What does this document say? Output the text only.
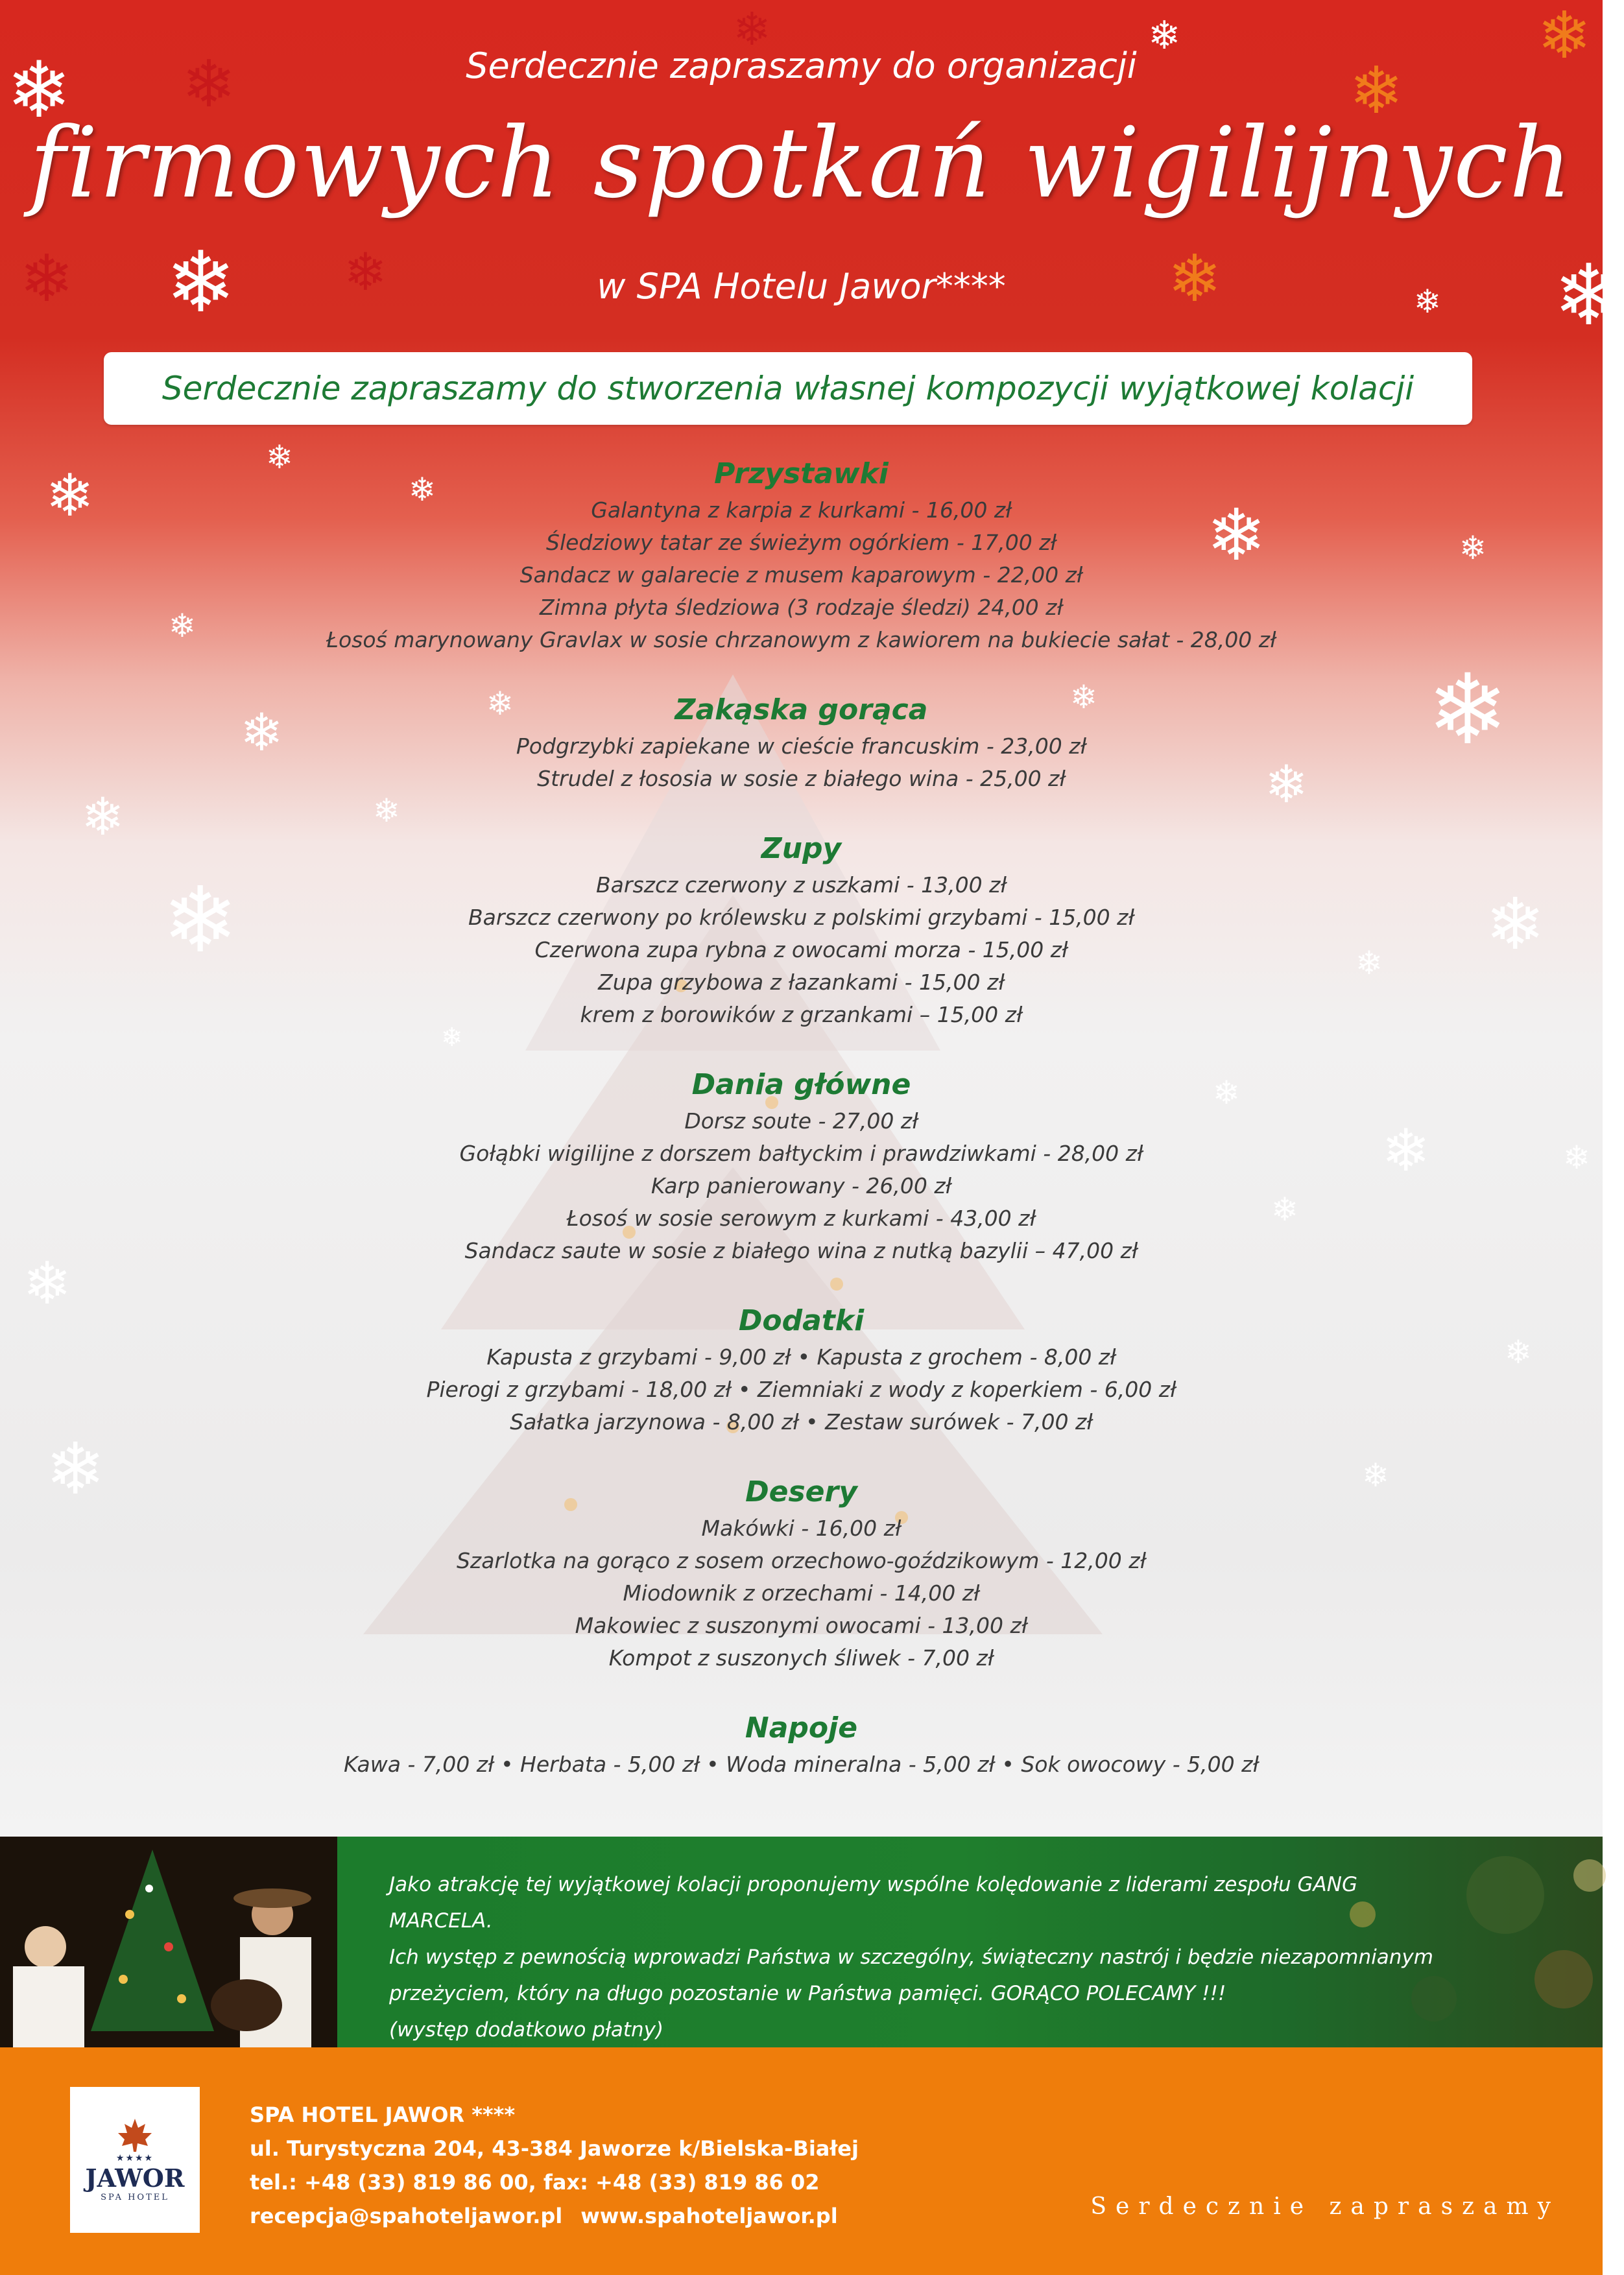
❄ ❄
❄	❄
❄
❄
❄ ❄ ❄	❄	❄ ❄
❄
❄
❄
❄	❄
❄
❄
❄	❄
❄
❄
❄	❄
❄	❄
❄
❄
❄
❄	❄
❄
❄
❄
❄	❄
Serdecznie zapraszamy do organizacji
firmowych spotkań wigilijnych
w SPA Hotelu Jawor****
Serdecznie zapraszamy do stworzenia własnej kompozycji wyjątkowej kolacji
Przystawki
Galantyna z karpia z kurkami - 16,00 zł
Śledziowy tatar ze świeżym ogórkiem - 17,00 zł
Sandacz w galarecie z musem kaparowym - 22,00 zł
Zimna płyta śledziowa (3 rodzaje śledzi) 24,00 zł
Łosoś marynowany Gravlax w sosie chrzanowym z kawiorem na bukiecie sałat - 28,00 zł
Zakąska gorąca
Podgrzybki zapiekane w cieście francuskim - 23,00 zł
Strudel z łososia w sosie z białego wina - 25,00 zł
Zupy
Barszcz czerwony z uszkami - 13,00 zł
Barszcz czerwony po królewsku z polskimi grzybami - 15,00 zł
Czerwona zupa rybna z owocami morza - 15,00 zł
Zupa grzybowa z łazankami - 15,00 zł
krem z borowików z grzankami – 15,00 zł
Dania główne
Dorsz soute - 27,00 zł
Gołąbki wigilijne z dorszem bałtyckim i prawdziwkami - 28,00 zł
Karp panierowany - 26,00 zł
Łosoś w sosie serowym z kurkami - 43,00 zł
Sandacz saute w sosie z białego wina z nutką bazylii – 47,00 zł
Dodatki
Kapusta z grzybami - 9,00 zł • Kapusta z grochem - 8,00 zł
Pierogi z grzybami - 18,00 zł • Ziemniaki z wody z koperkiem - 6,00 zł
Sałatka jarzynowa - 8,00 zł • Zestaw surówek - 7,00 zł
Desery
Makówki - 16,00 zł
Szarlotka na gorąco z sosem orzechowo-goździkowym - 12,00 zł
Miodownik z orzechami - 14,00 zł
Makowiec z suszonymi owocami - 13,00 zł
Kompot z suszonych śliwek - 7,00 zł
Napoje
Kawa - 7,00 zł • Herbata - 5,00 zł • Woda mineralna - 5,00 zł • Sok owocowy - 5,00 zł
Jako atrakcję tej wyjątkowej kolacji proponujemy wspólne kolędowanie z liderami zespołu GANG MARCELA.
Ich występ z pewnością wprowadzi Państwa w szczególny, świąteczny nastrój i będzie niezapomnianym
przeżyciem, który na długo pozostanie w Państwa pamięci. GORĄCO POLECAMY !!!
(występ dodatkowo płatny)
★★★★
JAWOR
SPA HOTEL
SPA HOTEL JAWOR ****
ul. Turystyczna 204, 43-384 Jaworze k/Bielska-Białej
tel.: +48 (33) 819 86 00, fax: +48 (33) 819 86 02
recepcja@spahoteljawor.pl www.spahoteljawor.pl	Serdecznie zapraszamy
